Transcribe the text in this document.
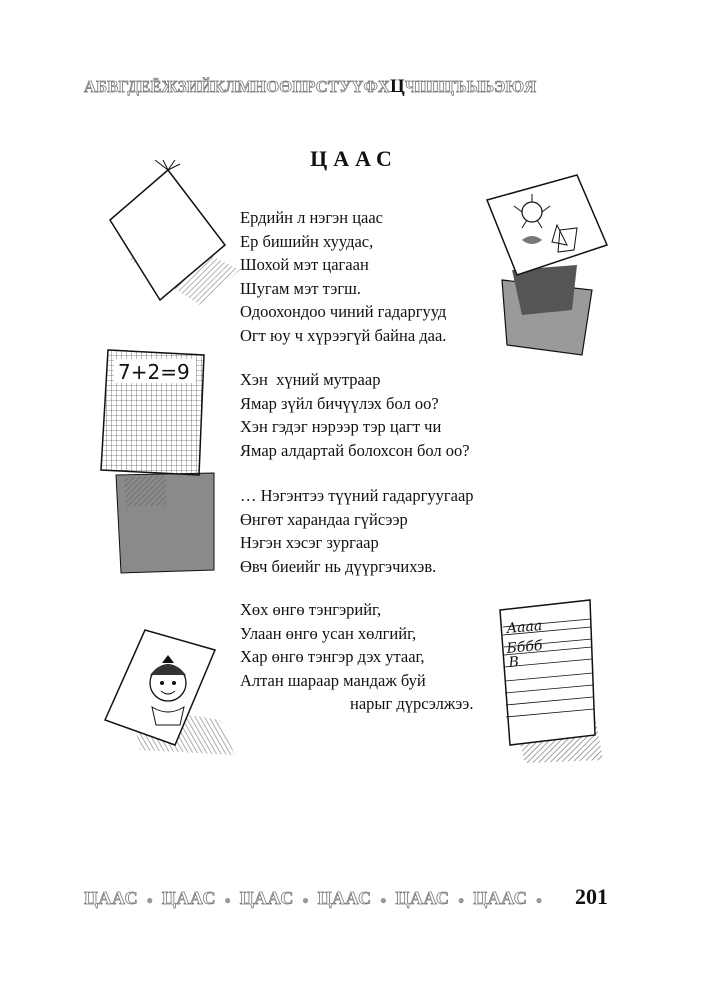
АБВГДЕЁЖЗИЙКЛМНОӨПРСТУҮФХЦЧШЩЪЫЬЭЮЯ
ЦААС
Ердийн л нэгэн цаас
Ер бишийн хуудас,
Шохой мэт цагаан
Шугам мэт тэгш.
Одоохондоо чиний гадаргууд
Огт юу ч хүрээгүй байна даа.
Хэн  хүний мутраар
Ямар зүйл бичүүлэх бол оо?
Хэн гэдэг нэрээр тэр цагт чи
Ямар алдартай болохсон бол оо?
… Нэгэнтээ түүний гадаргуугаар
Өнгөт харандаа гүйсээр
Нэгэн хэсэг зургаар
Өвч биеийг нь дүүргэчихэв.
Хөх өнгө тэнгэрийг,
Улаан өнгө усан хөлгийг,
Хар өнгө тэнгэр дэх утааг,
Алтан шараар мандаж буй
нарыг дүрсэлжээ.
7+2=9
Аааа
Бббб
В
ЦААС ● ЦААС ● ЦААС ● ЦААС ● ЦААС ● ЦААС ●	201
